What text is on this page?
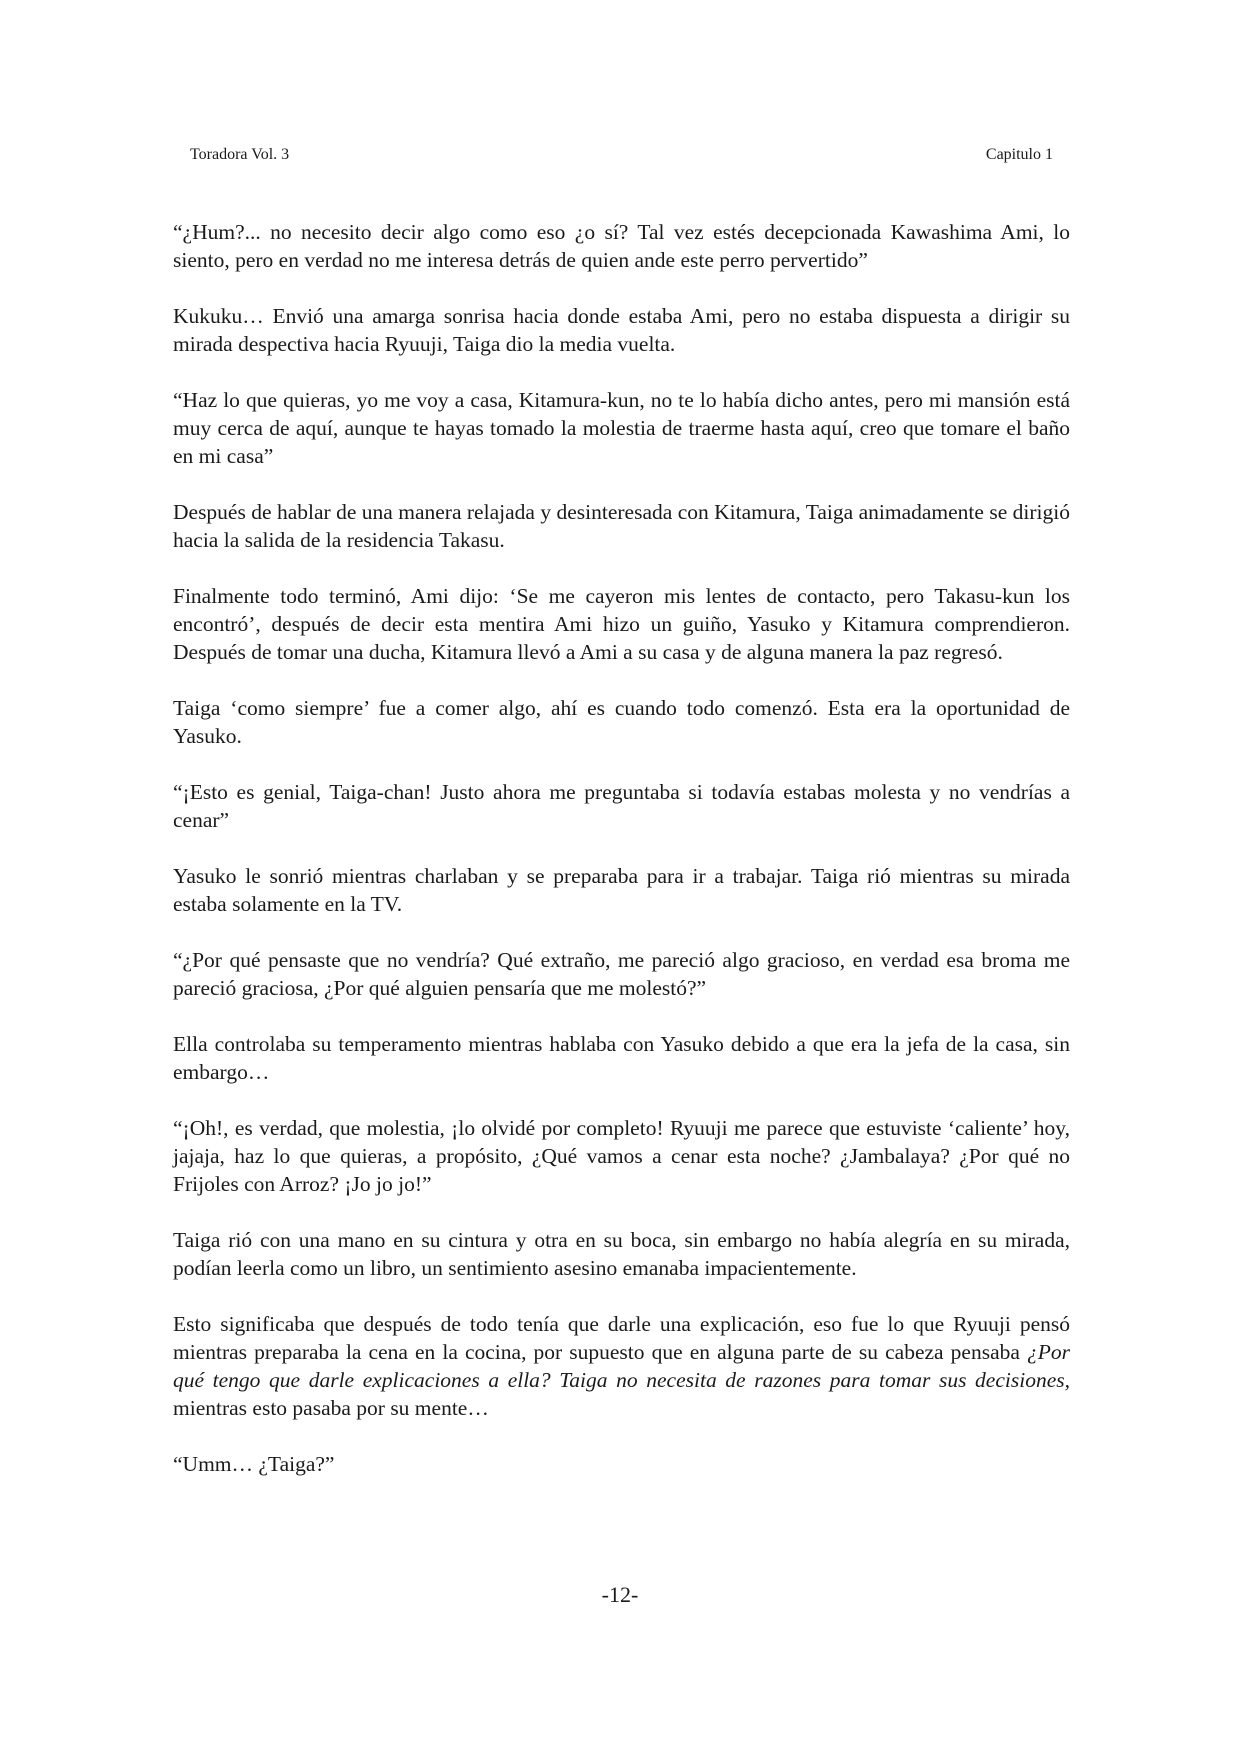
Toradora Vol. 3	Capitulo 1

“¿Hum?... no necesito decir algo como eso ¿o sí? Tal vez estés decepcionada Kawashima Ami, lo siento, pero en verdad no me interesa detrás de quien ande este perro pervertido”

Kukuku… Envió una amarga sonrisa hacia donde estaba Ami, pero no estaba dispuesta a dirigir su mirada despectiva hacia Ryuuji, Taiga dio la media vuelta.

“Haz lo que quieras, yo me voy a casa, Kitamura-kun, no te lo había dicho antes, pero mi mansión está muy cerca de aquí, aunque te hayas tomado la molestia de traerme hasta aquí, creo que tomare el baño en mi casa”

Después de hablar de una manera relajada y desinteresada con Kitamura, Taiga animadamente se dirigió hacia la salida de la residencia Takasu.

Finalmente todo terminó, Ami dijo: ‘Se me cayeron mis lentes de contacto, pero Takasu-kun los encontró’, después de decir esta mentira Ami hizo un guiño, Yasuko y Kitamura comprendieron. Después de tomar una ducha, Kitamura llevó a Ami a su casa y de alguna manera la paz regresó.

Taiga ‘como siempre’ fue a comer algo, ahí es cuando todo comenzó. Esta era la oportunidad de Yasuko.

“¡Esto es genial, Taiga-chan! Justo ahora me preguntaba si todavía estabas molesta y no vendrías a cenar”

Yasuko le sonrió mientras charlaban y se preparaba para ir a trabajar. Taiga rió mientras su mirada estaba solamente en la TV.

“¿Por qué pensaste que no vendría? Qué extraño, me pareció algo gracioso, en verdad esa broma me pareció graciosa, ¿Por qué alguien pensaría que me molestó?”

Ella controlaba su temperamento mientras hablaba con Yasuko debido a que era la jefa de la casa, sin embargo…

“¡Oh!, es verdad, que molestia, ¡lo olvidé por completo! Ryuuji me parece que estuviste ‘caliente’ hoy, jajaja, haz lo que quieras, a propósito, ¿Qué vamos a cenar esta noche? ¿Jambalaya? ¿Por qué no Frijoles con Arroz? ¡Jo jo jo!”

Taiga rió con una mano en su cintura y otra en su boca, sin embargo no había alegría en su mirada, podían leerla como un libro, un sentimiento asesino emanaba impacientemente.

Esto significaba que después de todo tenía que darle una explicación, eso fue lo que Ryuuji pensó mientras preparaba la cena en la cocina, por supuesto que en alguna parte de su cabeza pensaba ¿Por qué tengo que darle explicaciones a ella? Taiga no necesita de razones para tomar sus decisiones, mientras esto pasaba por su mente…

“Umm… ¿Taiga?”

-12-
